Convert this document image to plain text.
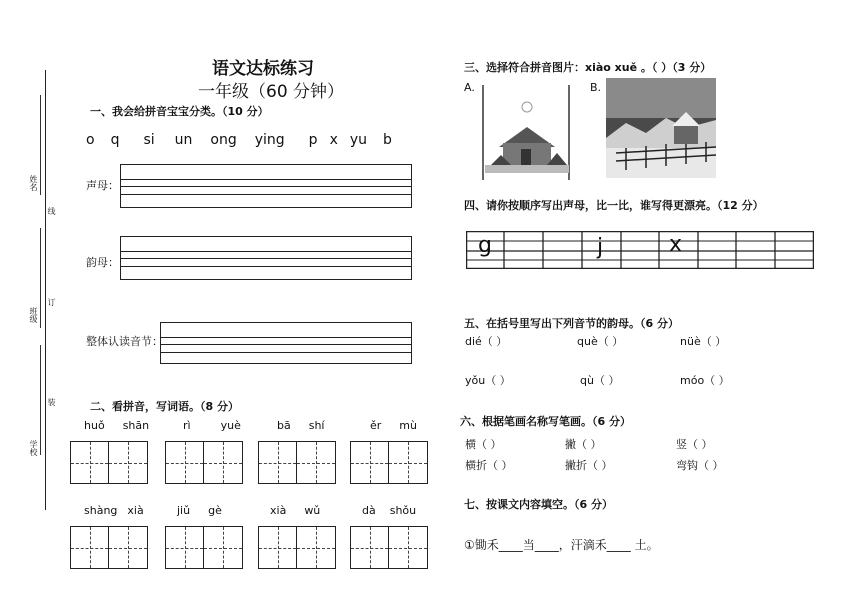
姓名
线
班级
订
装
学校
语文达标练习
一年级（60 分钟）
一、我会给拼音宝宝分类。（10 分）
o q si un ong ying p x yu b
声母：
韵母：
整体认读音节：
二、看拼音，写词语。（8 分）
huǒ shān	rì	yuè	bā shí	ěr mù
shàng xià	jiǔ gè	xià wǔ	dà shǒu
三、选择符合拼音图片：xiào xuě 。（ ）（3 分）
A.	B.
四、请你按顺序写出声母，比一比，谁写得更漂亮。（12 分）
g	j	x
五、在括号里写出下列音节的韵母。（6 分）
dié（ ）	què（ ）	nüè（ ）
yǒu（ ）	qù（ ）	móo（ ）
六、根据笔画名称写笔画。（6 分）
横（ ）	撇（ ）	竖（ ）
横折（ ）	撇折（ ）	弯钩（ ）
七、按课文内容填空。（6 分）
①锄禾____当____，汗滴禾____ 土。
